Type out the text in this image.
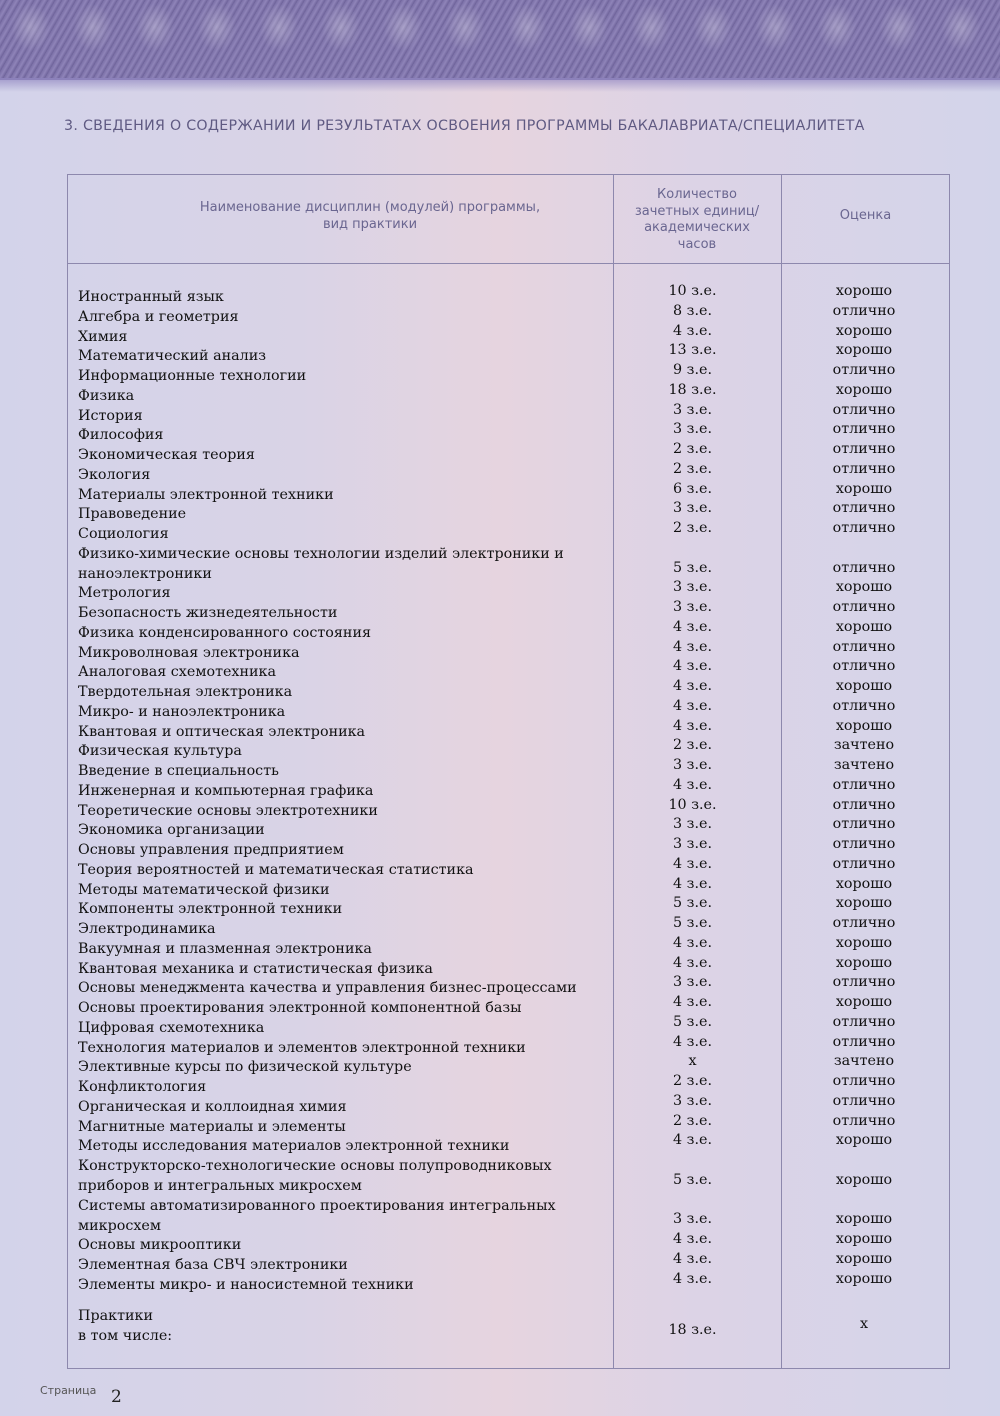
3. СВЕДЕНИЯ О СОДЕРЖАНИИ И РЕЗУЛЬТАТАХ ОСВОЕНИЯ ПРОГРАММЫ БАКАЛАВРИАТА/СПЕЦИАЛИТЕТА
Наименование дисциплин (модулей) программы,
вид практики
Количество
зачетных единиц/
академических
часов
Оценка
Иностранный язык	10 з.е.	хорошо
Алгебра и геометрия	8 з.е.	отлично
Химия	4 з.е.	хорошо
Математический анализ	13 з.е.	хорошо
Информационные технологии	9 з.е.	отлично
Физика	18 з.е.	хорошо
История	3 з.е.	отлично
Философия	3 з.е.	отлично
Экономическая теория	2 з.е.	отлично
Экология	2 з.е.	отлично
Материалы электронной техники	6 з.е.	хорошо
Правоведение	3 з.е.	отлично
Социология	2 з.е.	отлично
Физико-химические основы технологии изделий электроники и
наноэлектроники	5 з.е.	отлично
Метрология	3 з.е.	хорошо
Безопасность жизнедеятельности	3 з.е.	отлично
Физика конденсированного состояния	4 з.е.	хорошо
Микроволновая электроника	4 з.е.	отлично
Аналоговая схемотехника	4 з.е.	отлично
Твердотельная электроника	4 з.е.	хорошо
Микро- и наноэлектроника	4 з.е.	отлично
Квантовая и оптическая электроника	4 з.е.	хорошо
Физическая культура	2 з.е.	зачтено
Введение в специальность	3 з.е.	зачтено
Инженерная и компьютерная графика	4 з.е.	отлично
Теоретические основы электротехники	10 з.е.	отлично
Экономика организации	3 з.е.	отлично
Основы управления предприятием	3 з.е.	отлично
Теория вероятностей и математическая статистика	4 з.е.	отлично
Методы математической физики	4 з.е.	хорошо
Компоненты электронной техники	5 з.е.	хорошо
Электродинамика	5 з.е.	отлично
Вакуумная и плазменная электроника	4 з.е.	хорошо
Квантовая механика и статистическая физика	4 з.е.	хорошо
Основы менеджмента качества и управления бизнес-процессами	3 з.е.	отлично
Основы проектирования электронной компонентной базы	4 з.е.	хорошо
Цифровая схемотехника	5 з.е.	отлично
Технология материалов и элементов электронной техники	4 з.е.	отлично
Элективные курсы по физической культуре	х	зачтено
Конфликтология	2 з.е.	отлично
Органическая и коллоидная химия	3 з.е.	отлично
Магнитные материалы и элементы	2 з.е.	отлично
Методы исследования материалов электронной техники	4 з.е.	хорошо
Конструкторско-технологические основы полупроводниковых
приборов и интегральных микросхем	5 з.е.	хорошо
Системы автоматизированного проектирования интегральных
микросхем	3 з.е.	хорошо
Основы микрооптики	4 з.е.	хорошо
Элементная база СВЧ электроники	4 з.е.	хорошо
Элементы микро- и наносистемной техники	4 з.е.	хорошо
Практики
в том числе:	18 з.е.	х
Страница 2
